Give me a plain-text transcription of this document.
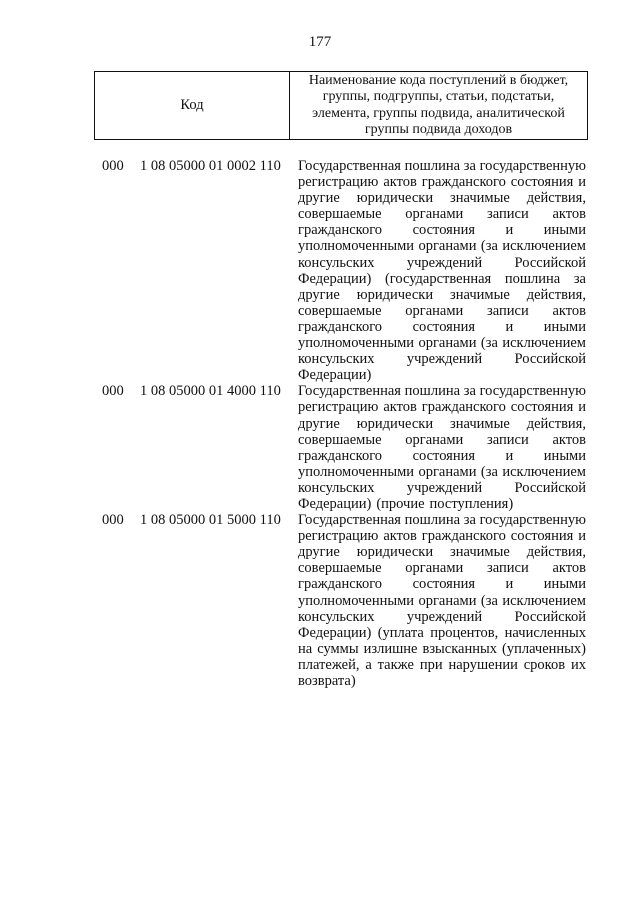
177
Код
Наименование кода поступлений в бюджет, группы, подгруппы, статьи, подстатьи, элемента, группы подвида, аналитической группы подвида доходов
000 1 08 05000 01 0002 110 Государственная пошлина за государственную
регистрацию актов гражданского состояния и
другие юридически значимые действия,
совершаемые органами записи актов
гражданского состояния и иными
уполномоченными органами (за исключением
консульских учреждений Российской
Федерации) (государственная пошлина за
другие юридически значимые действия,
совершаемые органами записи актов
гражданского состояния и иными
уполномоченными органами (за исключением
консульских учреждений Российской
Федерации)
000 1 08 05000 01 4000 110 Государственная пошлина за государственную
регистрацию актов гражданского состояния и
другие юридически значимые действия,
совершаемые органами записи актов
гражданского состояния и иными
уполномоченными органами (за исключением
консульских учреждений Российской
Федерации) (прочие поступления)
000 1 08 05000 01 5000 110 Государственная пошлина за государственную
регистрацию актов гражданского состояния и
другие юридически значимые действия,
совершаемые органами записи актов
гражданского состояния и иными
уполномоченными органами (за исключением
консульских учреждений Российской
Федерации) (уплата процентов, начисленных
на суммы излишне взысканных (уплаченных)
платежей, а также при нарушении сроков их
возврата)
